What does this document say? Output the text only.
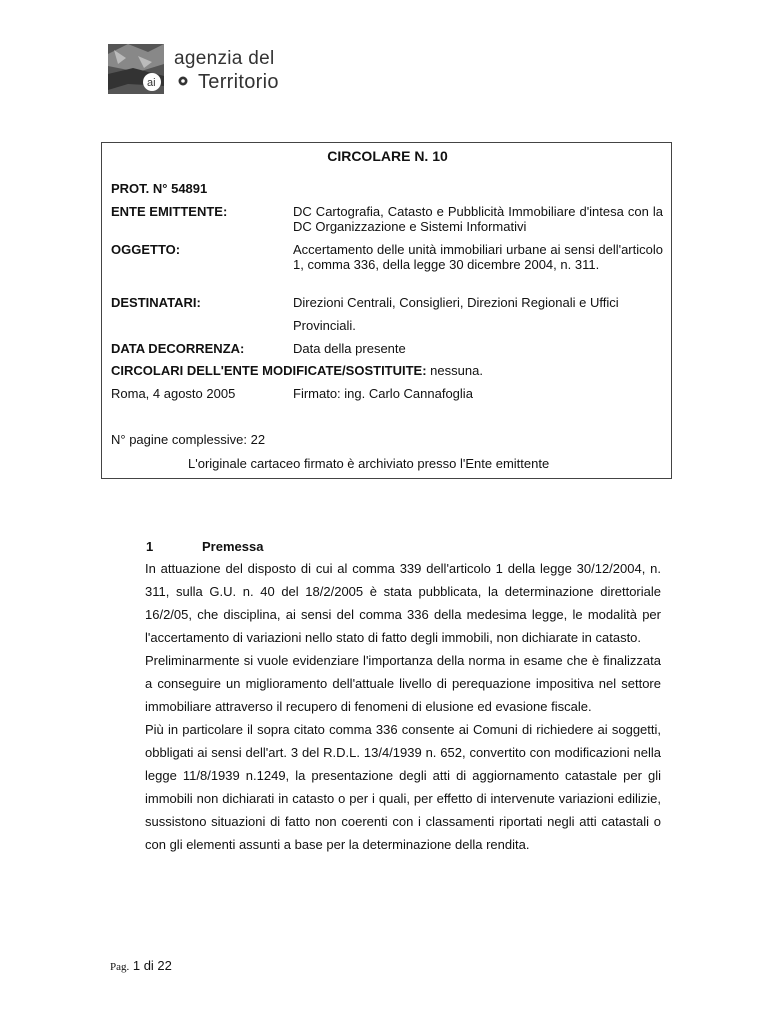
ai
agenzia del
Territorio
CIRCOLARE N. 10
PROT. N° 54891
ENTE EMITTENTE:	DC Cartografia, Catasto e Pubblicità Immobiliare d'intesa con la DC Organizzazione e Sistemi Informativi
OGGETTO:	Accertamento delle unità immobiliari urbane ai sensi dell'articolo 1, comma 336, della legge 30 dicembre 2004, n. 311.
DESTINATARI:	Direzioni Centrali, Consiglieri, Direzioni Regionali e Uffici
Provinciali.
DATA DECORRENZA:	Data della presente
CIRCOLARI DELL'ENTE MODIFICATE/SOSTITUITE: nessuna.
Roma, 4 agosto 2005	Firmato: ing. Carlo Cannafoglia
N° pagine complessive: 22
L'originale cartaceo firmato è archiviato presso l'Ente emittente
1	Premessa

In attuazione del disposto di cui al comma 339 dell'articolo 1 della legge 30/12/2004, n. 311, sulla G.U. n. 40 del 18/2/2005 è stata pubblicata, la determinazione direttoriale 16/2/05, che disciplina, ai sensi del comma 336 della medesima legge, le modalità per l'accertamento di variazioni nello stato di fatto degli immobili, non dichiarate in catasto.

Preliminarmente si vuole evidenziare l'importanza della norma in esame che è finalizzata a conseguire un miglioramento dell'attuale livello di perequazione impositiva nel settore immobiliare attraverso il recupero di fenomeni di elusione ed evasione fiscale.

Più in particolare il sopra citato comma 336 consente ai Comuni di richiedere ai soggetti, obbligati ai sensi dell'art. 3 del R.D.L. 13/4/1939 n. 652, convertito con modificazioni nella legge 11/8/1939 n.1249, la presentazione degli atti di aggiornamento catastale per gli immobili non dichiarati in catasto o per i quali, per effetto di intervenute variazioni edilizie, sussistono situazioni di fatto non coerenti con i classamenti riportati negli atti catastali o con gli elementi assunti a base per la determinazione della rendita.

Pag. 1 di 22
